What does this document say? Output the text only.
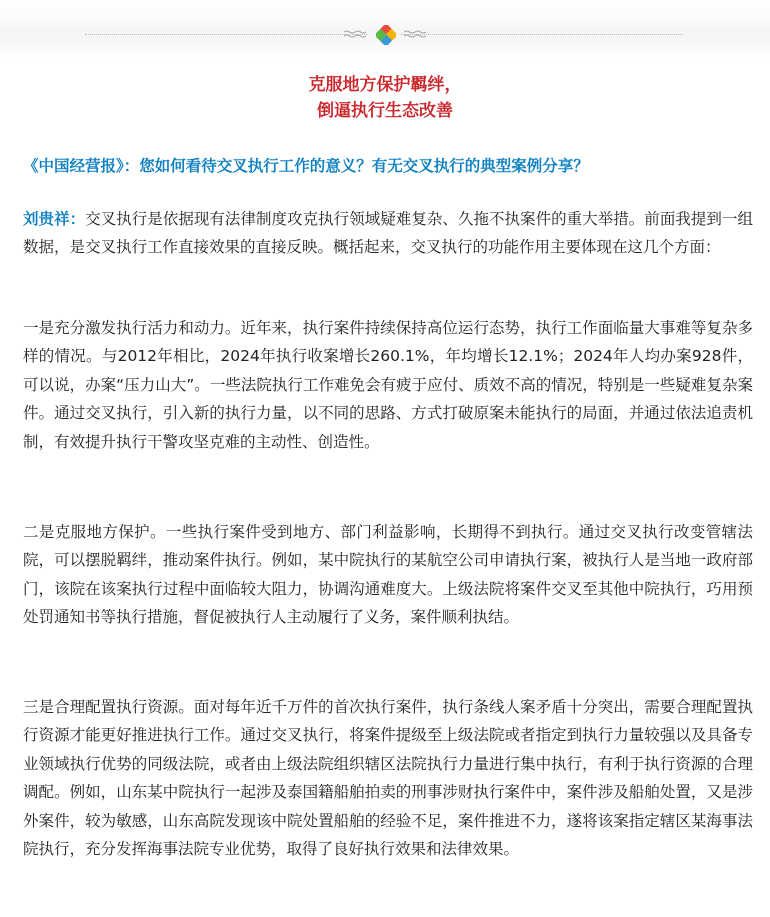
克服地方保护羁绊，
倒逼执行生态改善

《中国经营报》：您如何看待交叉执行工作的意义？有无交叉执行的典型案例分享？

刘贵祥：交叉执行是依据现有法律制度攻克执行领域疑难复杂、久拖不执案件的重大举措。前面我提到一组数据，是交叉执行工作直接效果的直接反映。概括起来，交叉执行的功能作用主要体现在这几个方面：

一是充分激发执行活力和动力。近年来，执行案件持续保持高位运行态势，执行工作面临量大事难等复杂多样的情况。与2012年相比，2024年执行收案增长260.1%，年均增长12.1%；2024年人均办案928件，可以说，办案“压力山大”。一些法院执行工作难免会有疲于应付、质效不高的情况，特别是一些疑难复杂案件。通过交叉执行，引入新的执行力量，以不同的思路、方式打破原案未能执行的局面，并通过依法追责机制，有效提升执行干警攻坚克难的主动性、创造性。

二是克服地方保护。一些执行案件受到地方、部门利益影响，长期得不到执行。通过交叉执行改变管辖法院，可以摆脱羁绊，推动案件执行。例如，某中院执行的某航空公司申请执行案，被执行人是当地一政府部门，该院在该案执行过程中面临较大阻力，协调沟通难度大。上级法院将案件交叉至其他中院执行，巧用预处罚通知书等执行措施，督促被执行人主动履行了义务，案件顺利执结。

三是合理配置执行资源。面对每年近千万件的首次执行案件，执行条线人案矛盾十分突出，需要合理配置执行资源才能更好推进执行工作。通过交叉执行，将案件提级至上级法院或者指定到执行力量较强以及具备专业领域执行优势的同级法院，或者由上级法院组织辖区法院执行力量进行集中执行，有利于执行资源的合理调配。例如，山东某中院执行一起涉及泰国籍船舶拍卖的刑事涉财执行案件中，案件涉及船舶处置，又是涉外案件，较为敏感，山东高院发现该中院处置船舶的经验不足，案件推进不力，遂将该案指定辖区某海事法院执行，充分发挥海事法院专业优势，取得了良好执行效果和法律效果。
